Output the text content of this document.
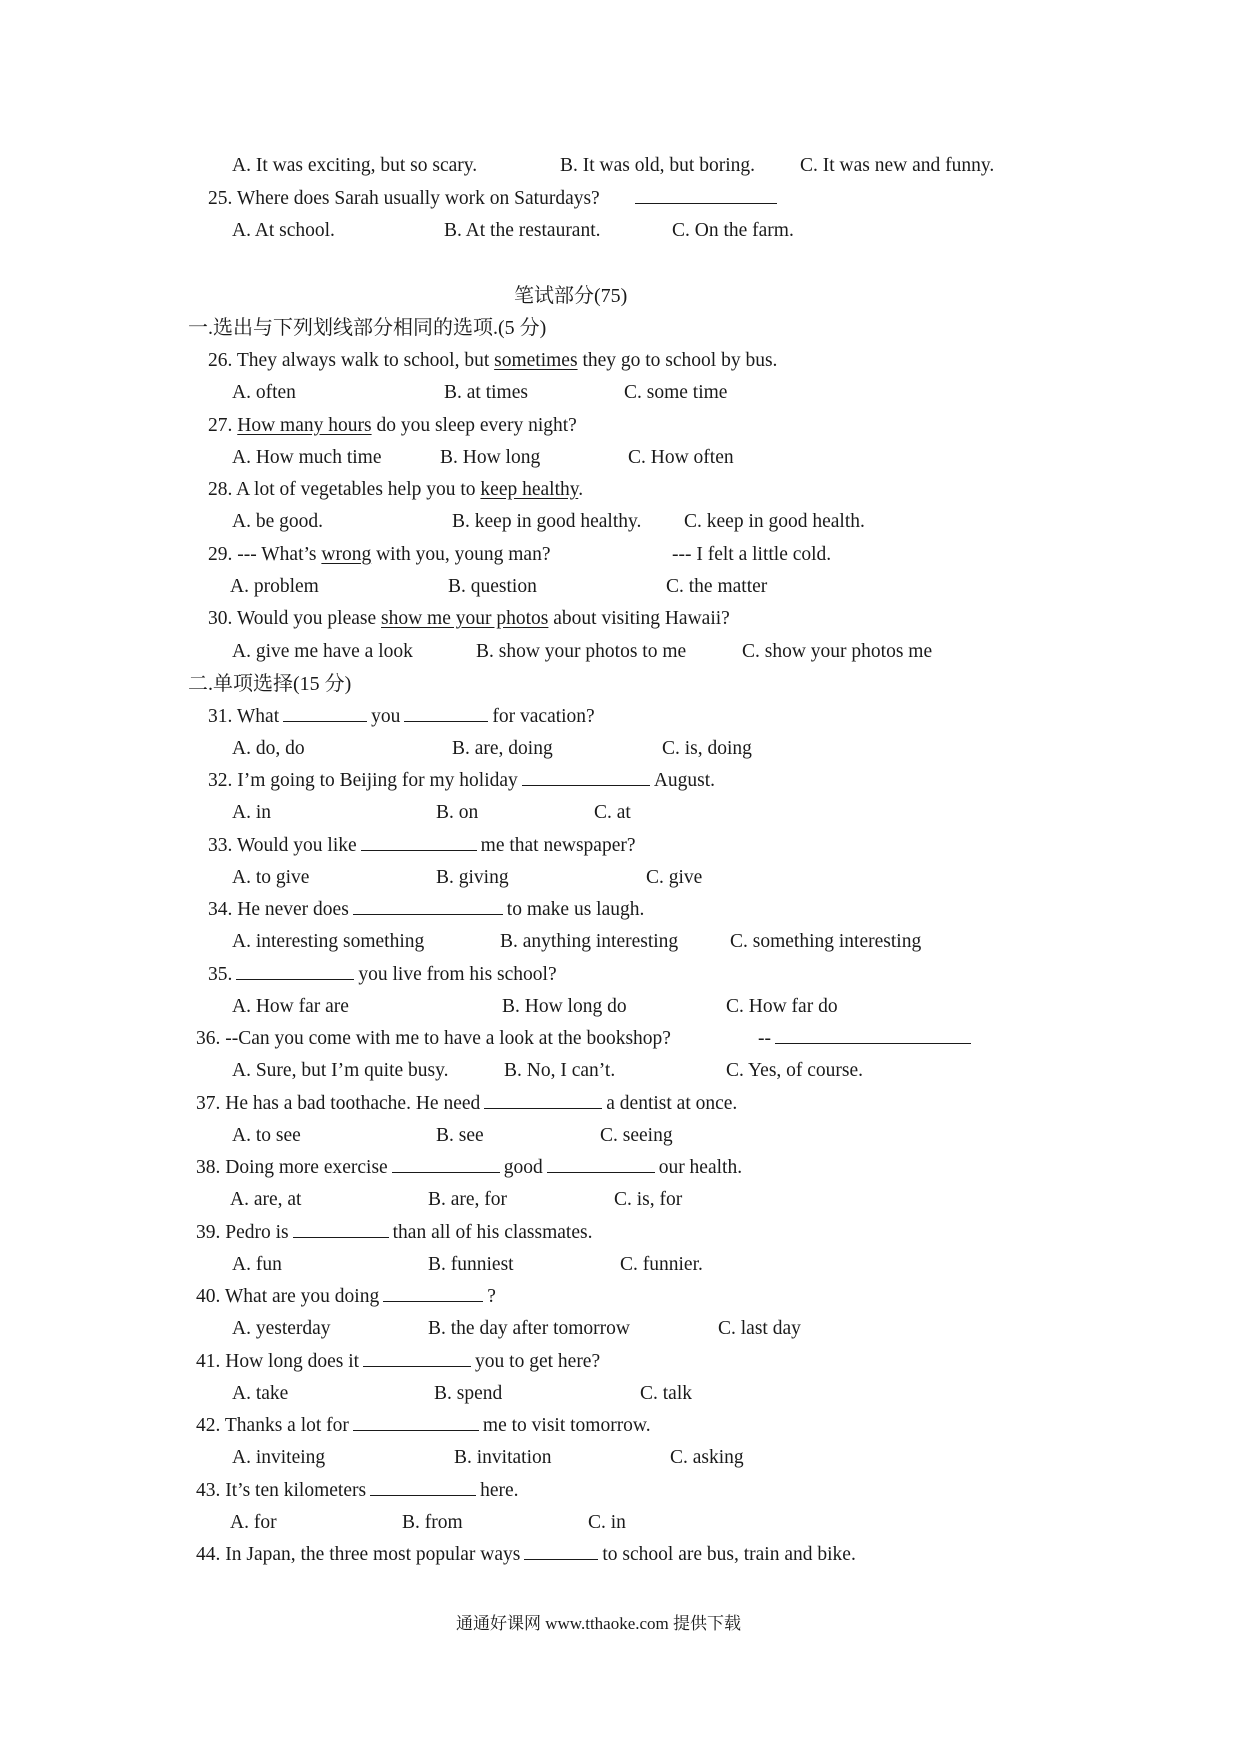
A. It was exciting, but so scary.	B. It was old, but boring. C. It was new and funny.
25. Where does Sarah usually work on Saturdays?
A. At school.	B. At the restaurant.	C. On the farm.
笔试部分(75)
一.选出与下列划线部分相同的选项.(5 分)
26. They always walk to school, but sometimes they go to school by bus.
A. often	B. at times	C. some time
27. How many hours do you sleep every night?
A. How much time	B. How long	C. How often
28. A lot of vegetables help you to keep healthy.
A. be good.	B. keep in good healthy. C. keep in good health.
29. --- What’s wrong with you, young man?	--- I felt a little cold.
A. problem	B. question	C. the matter
30. Would you please show me your photos about visiting Hawaii?
A. give me have a look	B. show your photos to me	C. show your photos me
二.单项选择(15 分)
31. What	you	for vacation?
A. do, do	B. are, doing	C. is, doing
32. I’m going to Beijing for my holiday	August.
A. in	B. on	C. at
33. Would you like	me that newspaper?
A. to give	B. giving	C. give
34. He never does	to make us laugh.
A. interesting something	B. anything interesting	C. something interesting
35.	you live from his school?
A. How far are	B. How long do	C. How far do
36. --Can you come with me to have a look at the bookshop?	--
A. Sure, but I’m quite busy.	B. No, I can’t.	C. Yes, of course.
37. He has a bad toothache. He need	a dentist at once.
A. to see	B. see	C. seeing
38. Doing more exercise	good	our health.
A. are, at	B. are, for	C. is, for
39. Pedro is	than all of his classmates.
A. fun	B. funniest	C. funnier.
40. What are you doing	?
A. yesterday	B. the day after tomorrow	C. last day
41. How long does it	you to get here?
A. take	B. spend	C. talk
42. Thanks a lot for	me to visit tomorrow.
A. inviteing	B. invitation	C. asking
43. It’s ten kilometers	here.
A. for	B. from	C. in
44. In Japan, the three most popular ways	to school are bus, train and bike.
通通好课网 www.tthaoke.com 提供下载
